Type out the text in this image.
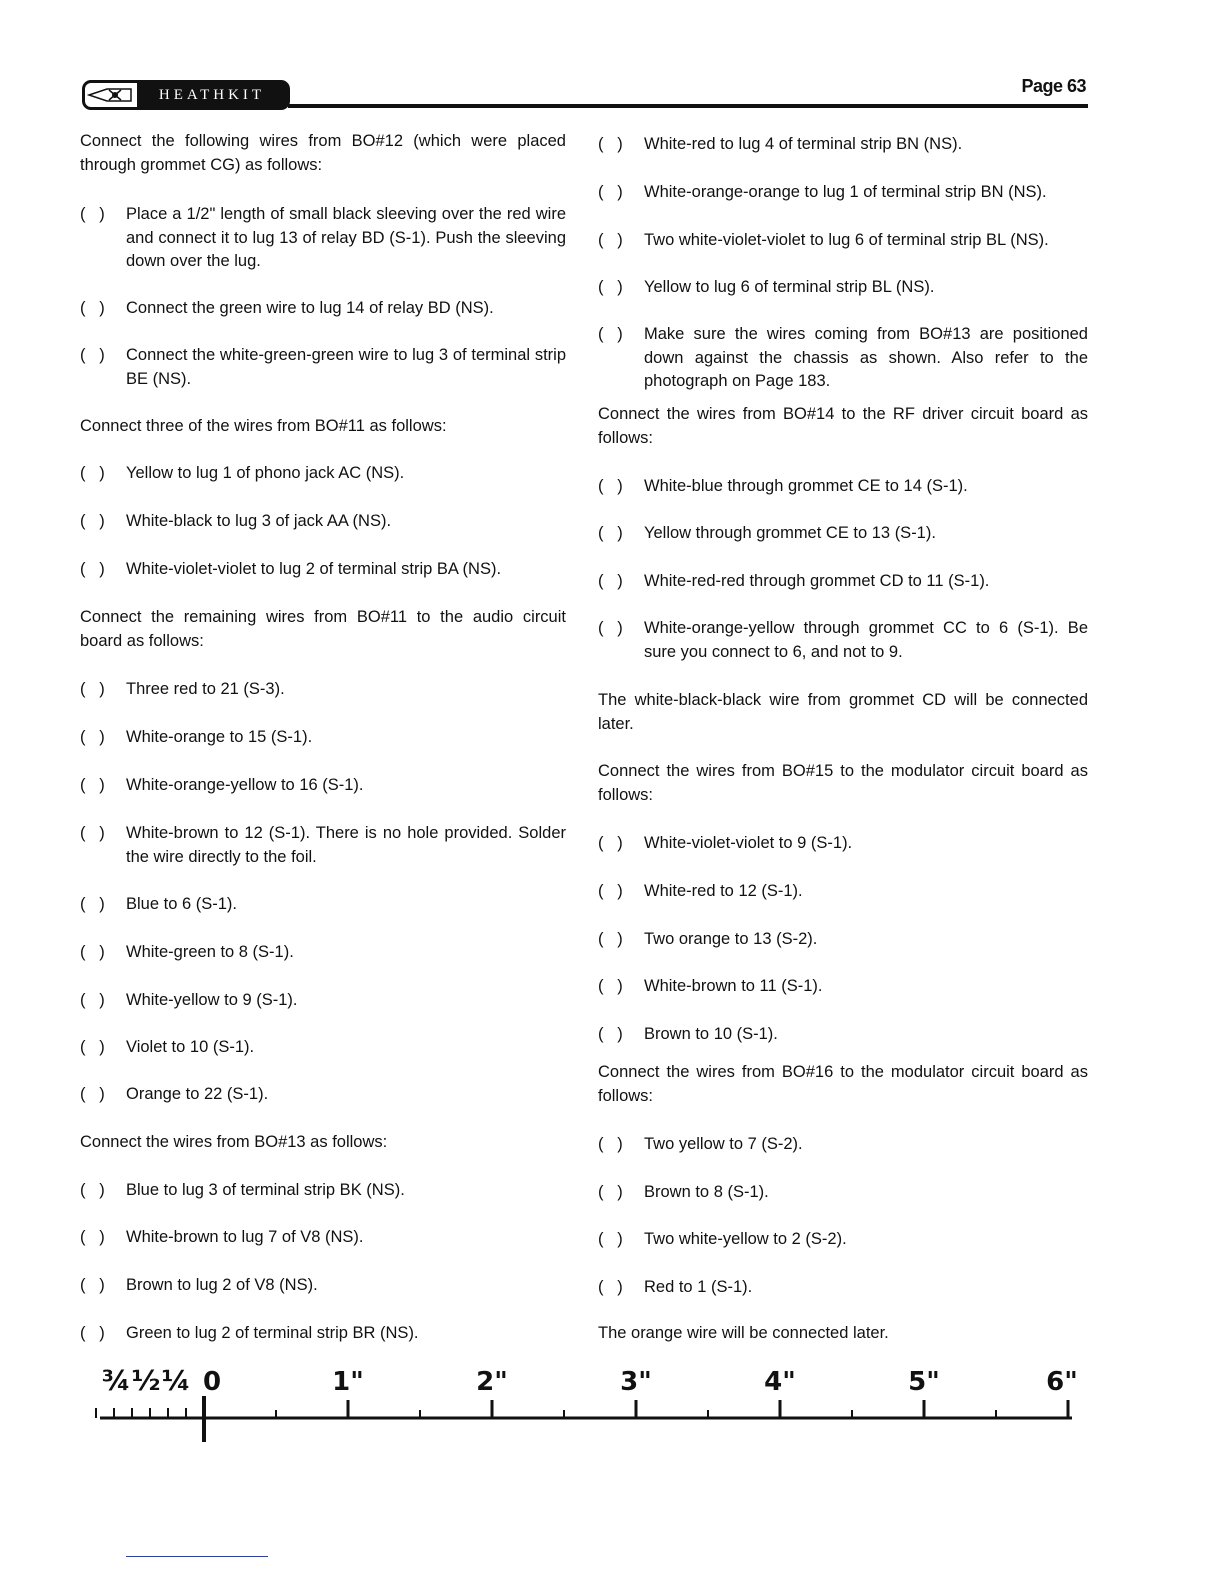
HEATHKIT	Page 63
Connect the following wires from BO#12 (which were placed through grommet CG) as follows:
(   )	Place a 1/2" length of small black sleeving over the red wire and connect it to lug 13 of relay BD (S-1). Push the sleeving down over the lug.
(   )	Connect the green wire to lug 14 of relay BD (NS).
(   )	Connect the white-green-green wire to lug 3 of terminal strip BE (NS).
Connect three of the wires from BO#11 as follows:
(   )	Yellow to lug 1 of phono jack AC (NS).
(   )	White-black to lug 3 of jack AA (NS).
(   )	White-violet-violet to lug 2 of terminal strip BA (NS).
Connect the remaining wires from BO#11 to the audio circuit board as follows:
(   )	Three red to 21 (S-3).
(   )	White-orange to 15 (S-1).
(   )	White-orange-yellow to 16 (S-1).
(   )	White-brown to 12 (S-1). There is no hole provided. Solder the wire directly to the foil.
(   )	Blue to 6 (S-1).
(   )	White-green to 8 (S-1).
(   )	White-yellow to 9 (S-1).
(   )	Violet to 10 (S-1).
(   )	Orange to 22 (S-1).
Connect the wires from BO#13 as follows:
(   )	Blue to lug 3 of terminal strip BK (NS).
(   )	White-brown to lug 7 of V8 (NS).
(   )	Brown to lug 2 of V8 (NS).
(   )	Green to lug 2 of terminal strip BR (NS).
(   )	White-red to lug 4 of terminal strip BN (NS).
(   )	White-orange-orange to lug 1 of terminal strip BN (NS).
(   )	Two white-violet-violet to lug 6 of terminal strip BL (NS).
(   )	Yellow to lug 6 of terminal strip BL (NS).
(   )	Make sure the wires coming from BO#13 are positioned down against the chassis as shown. Also refer to the photograph on Page 183.
Connect the wires from BO#14 to the RF driver circuit board as follows:
(   )	White-blue through grommet CE to 14 (S-1).
(   )	Yellow through grommet CE to 13 (S-1).
(   )	White-red-red through grommet CD to 11 (S-1).
(   )	White-orange-yellow through grommet CC to 6 (S-1). Be sure you connect to 6, and not to 9.
The white-black-black wire from grommet CD will be connected later.
Connect the wires from BO#15 to the modulator circuit board as follows:
(   )	White-violet-violet to 9 (S-1).
(   )	White-red to 12 (S-1).
(   )	Two orange to 13 (S-2).
(   )	White-brown to 11 (S-1).
(   )	Brown to 10 (S-1).
Connect the wires from BO#16 to the modulator circuit board as follows:
(   )	Two yellow to 7 (S-2).
(   )	Brown to 8 (S-1).
(   )	Two white-yellow to 2 (S-2).
(   )	Red to 1 (S-1).
The orange wire will be connected later.
¾ ½ ¼ 0	1"	2"	3"	4"	5"	6"
